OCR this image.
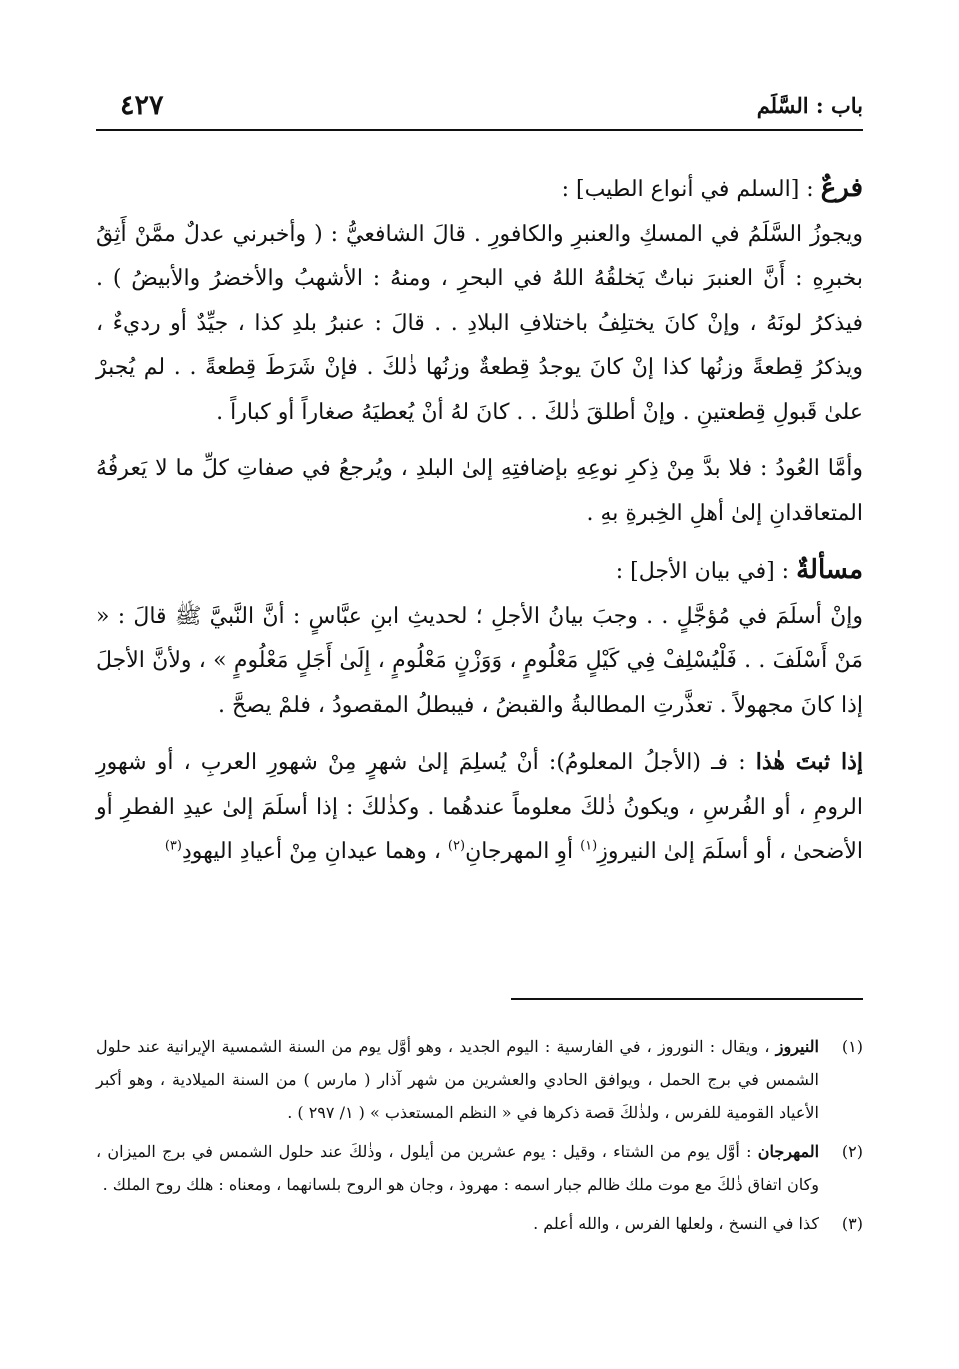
باب : السَّلَم
٤٢٧

فرعٌ : [السلم في أنواع الطيب] :

ويجوزُ السَّلَمُ في المسكِ والعنبرِ والكافورِ . قالَ الشافعيُّ : ( وأخبرني عدلٌ ممَّنْ أَثِقُ بخبرِهِ : أَنَّ العنبرَ نباتٌ يَخلقُهُ اللهُ في البحرِ ، ومنهُ : الأشهبُ والأخضرُ والأبيضُ ) . فيذكرُ لونَهُ ، وإنْ كانَ يختلِفُ باختلافِ البلادِ . . قالَ : عنبرُ بلدِ كذا ، جيِّدٌ أو رديءٌ ، ويذكرُ قِطعةً وزنُها كذا إنْ كانَ يوجدُ قِطعةٌ وزنُها ذٰلكَ . فإنْ شَرَطَ قِطعةً . . لم يُجبرْ علىٰ قَبولِ قِطعتينِ . وإنْ أطلقَ ذٰلكَ . . كانَ لهُ أنْ يُعطيَهُ صغاراً أو كباراً .

وأمَّا العُودُ : فلا بدَّ مِنْ ذِكرِ نوعِهِ بإضافتِهِ إلىٰ البلدِ ، ويُرجعُ في صفاتِ كلِّ ما لا يَعرفُهُ المتعاقدانِ إلىٰ أهلِ الخِبرةِ بهِ .

مسألةٌ : [في بيان الأجل] :

وإنْ أسلَمَ في مُؤجَّلٍ . . وجبَ بيانُ الأجلِ ؛ لحديثِ ابنِ عبَّاسٍ : أنَّ النَّبيَّ ﷺ قالَ : « مَنْ أَسْلَفَ . . فَلْيُسْلِفْ فِي كَيْلٍ مَعْلُومٍ ، وَوَزْنٍ مَعْلُومٍ ، إِلَىٰ أَجَلٍ مَعْلُومٍ » ، ولأنَّ الأجلَ إذا كانَ مجهولاً . تعذَّرتِ المطالبةُ والقبضُ ، فيبطلُ المقصودُ ، فلمْ يصحَّ .

إذا ثبتَ هٰذا : فـ (الأجلُ المعلومُ): أنْ يُسلِمَ إلىٰ شهرٍ مِنْ شهورِ العربِ ، أو شهورِ الرومِ ، أو الفُرسِ ، ويكونُ ذٰلكَ معلوماً عندهُما . وكذٰلكَ : إذا أسلَمَ إلىٰ عيدِ الفطرِ أو الأضحىٰ ، أو أسلَمَ إلىٰ النيروزِ$^{(١)}$ أوِ المهرجانِ$^{(٢)}$ ، وهما عيدانِ مِنْ أعيادِ اليهودِ$^{(٣)}$

(١)
النيروز ، ويقال : النوروز ، في الفارسية : اليوم الجديد ، وهو أوَّل يوم من السنة الشمسية الإيرانية عند حلول الشمس في برج الحمل ، ويوافق الحادي والعشرين من شهر آذار ( مارس ) من السنة الميلادية ، وهو أكبر الأعياد القومية للفرس ، ولذٰلكَ قصة ذكرها في « النظم المستعذب » ( ١/ ٢٩٧ ) .
(٢)
المهرجان : أوَّل يوم من الشتاء ، وقيل : يوم عشرين من أيلول ، وذٰلكَ عند حلول الشمس في برج الميزان ، وكان اتفاق ذٰلكَ مع موت ملك ظالم جبار اسمه : مهروذ ، وجان هو الروح بلسانهما ، ومعناه : هلك روح الملك .
(٣)
كذا في النسخ ، ولعلها الفرس ، والله أعلم .
